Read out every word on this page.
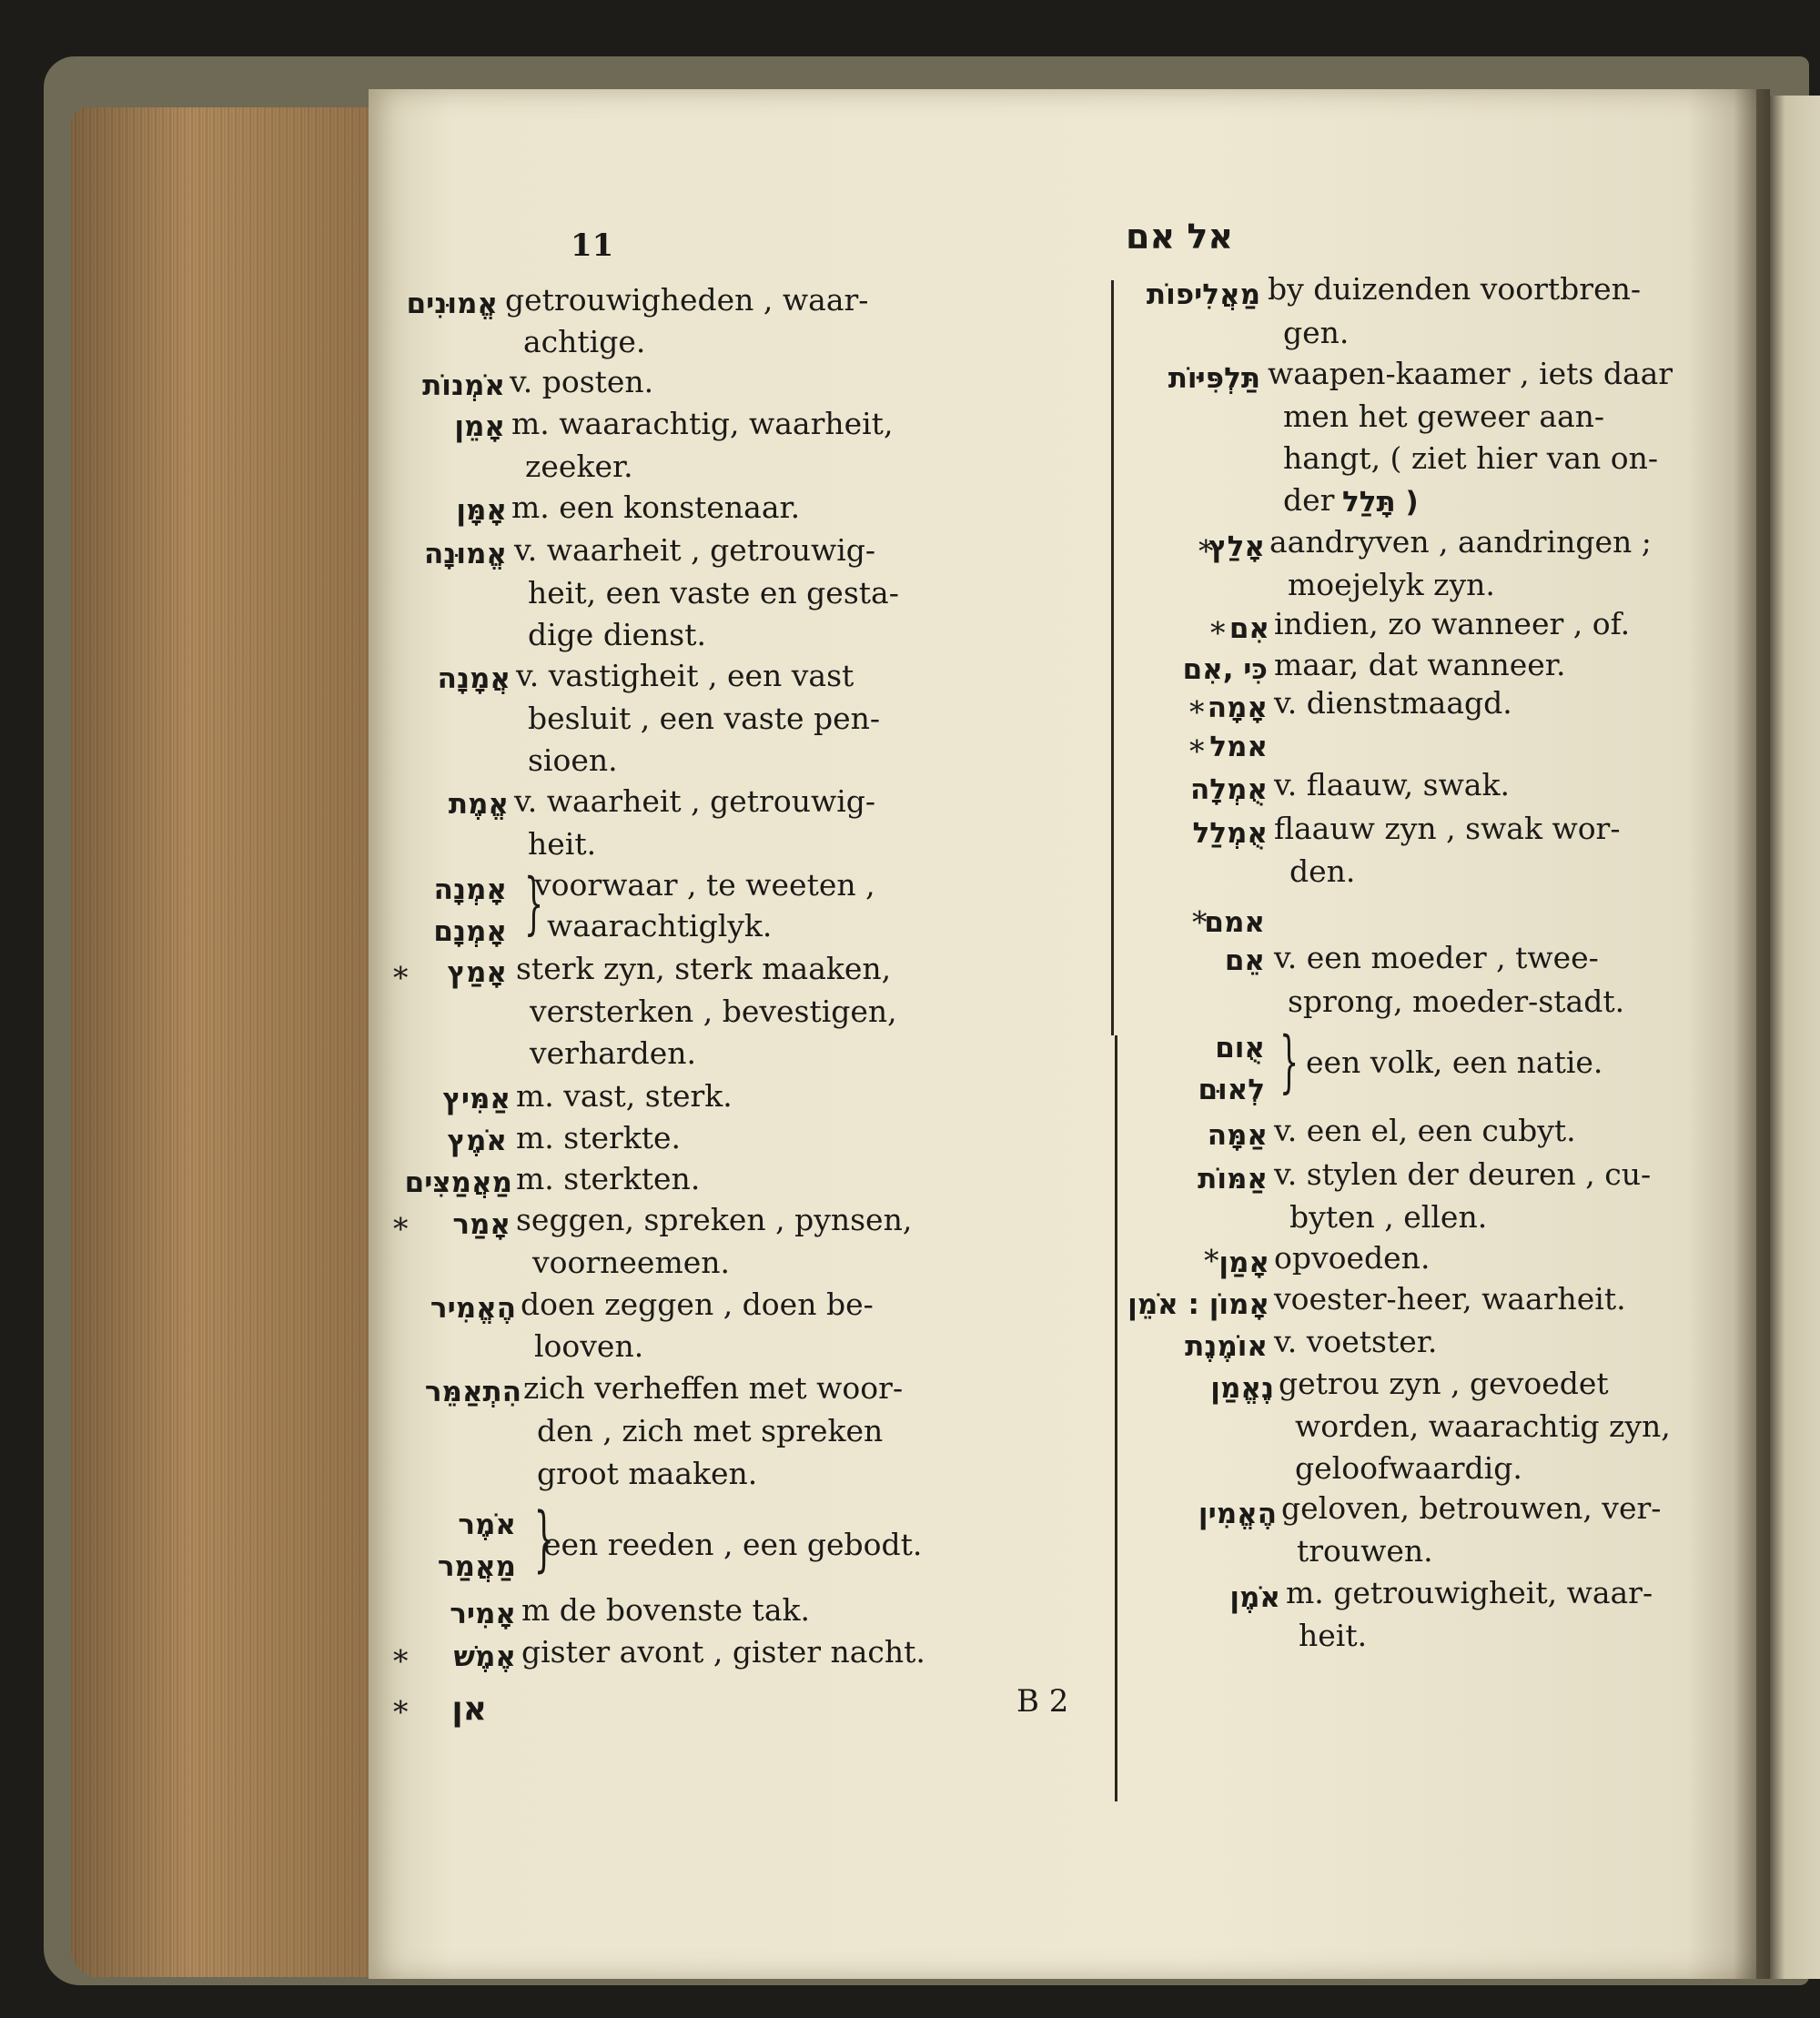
11	אל אם
אֱמוּנִים getrouwigheden , waar-
achtige.
אֹמְנוֹת v. posten.
אָמֵן m. waarachtig, waarheit,
zeeker.
אָמָּן m. een konstenaar.
אֱמוּנָה v. waarheit , getrouwig-
heit, een vaste en gesta-
dige dienst.
אֲמָנָה v. vastigheit , een vast
besluit , een vaste pen-
sioen.
אֱמֶת v. waarheit , getrouwig-
heit.
אָמְנָה
אָמְנָם }
voorwaar , te weeten ,
waarachtiglyk.
אָמַץ sterk zyn, sterk maaken,
versterken , bevestigen,
verharden.
אַמִּיץ m. vast, sterk.
אֹמֶץ m. sterkte.
מַאֲמַצִּים m. sterkten.
אָמַר seggen, spreken , pynsen,
voorneemen.
הֶאֱמִיר doen zeggen , doen be-
looven.
הִתְאַמֵּר zich verheffen met woor-
den , zich met spreken
groot maaken.
אֹמֶר
מַאֲמַר }
een reeden , een gebodt.
אָמִיר m de bovenste tak.
אֶמֶשׁ gister avont , gister nacht.
אן	B 2
מַאֲלִיפוֹת by duizenden voortbren-
gen.
תַּלְפִּיּוֹת waapen-kaamer , iets daar
men het geweer aan-
hangt, ( ziet hier van on-
der תָּלַל )
*
אָלַץ aandryven , aandringen ;
moejelyk zyn.
* אִם indien, zo wanneer , of.
כִּי ,אִם maar, dat wanneer.
* אָמָה v. dienstmaagd.
* אמל
אֻמְלָה v. flaauw, swak.
אֻמְלַל flaauw zyn , swak wor-
den.
אמם
*
אֵם v. een moeder , twee-
sprong, moeder-stadt.
אֻום
לְאוּם } een volk, een natie.
אַמָּה v. een el, een cubyt.
אַמּוֹת v. stylen der deuren , cu-
byten , ellen.
* אָמַן opvoeden.
אָמוֹן : אֹמֵן voester-heer, waarheit.
אוֹמֶנֶת v. voetster.
נֶאֱמַן getrou zyn , gevoedet
worden, waarachtig zyn,
geloofwaardig.
הֶאֱמִין geloven, betrouwen, ver-
trouwen.
אֹמֶן m. getrouwigheit, waar-
heit.
*
*
*
*
